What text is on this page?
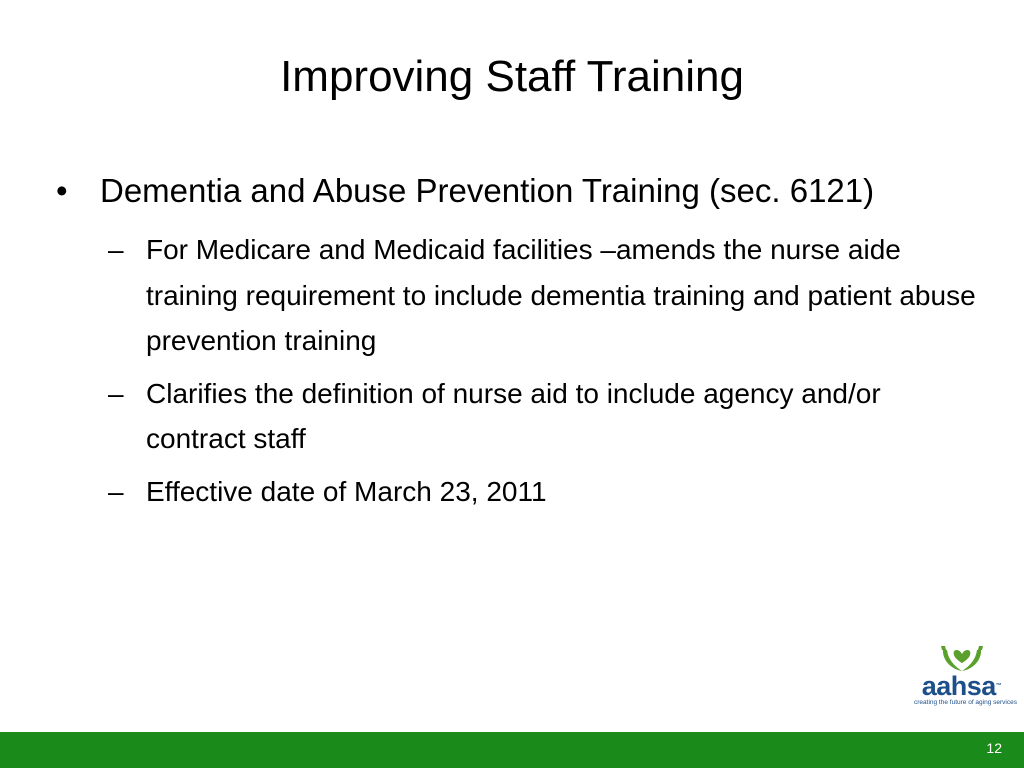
Improving Staff Training
• Dementia and Abuse Prevention Training (sec. 6121)
– For Medicare and Medicaid facilities –amends the nurse aide training requirement to include dementia training and patient abuse prevention training
– Clarifies the definition of nurse aid to include agency and/or contract staff
– Effective date of March 23, 2011
aahsa™
creating the future of aging services
12
